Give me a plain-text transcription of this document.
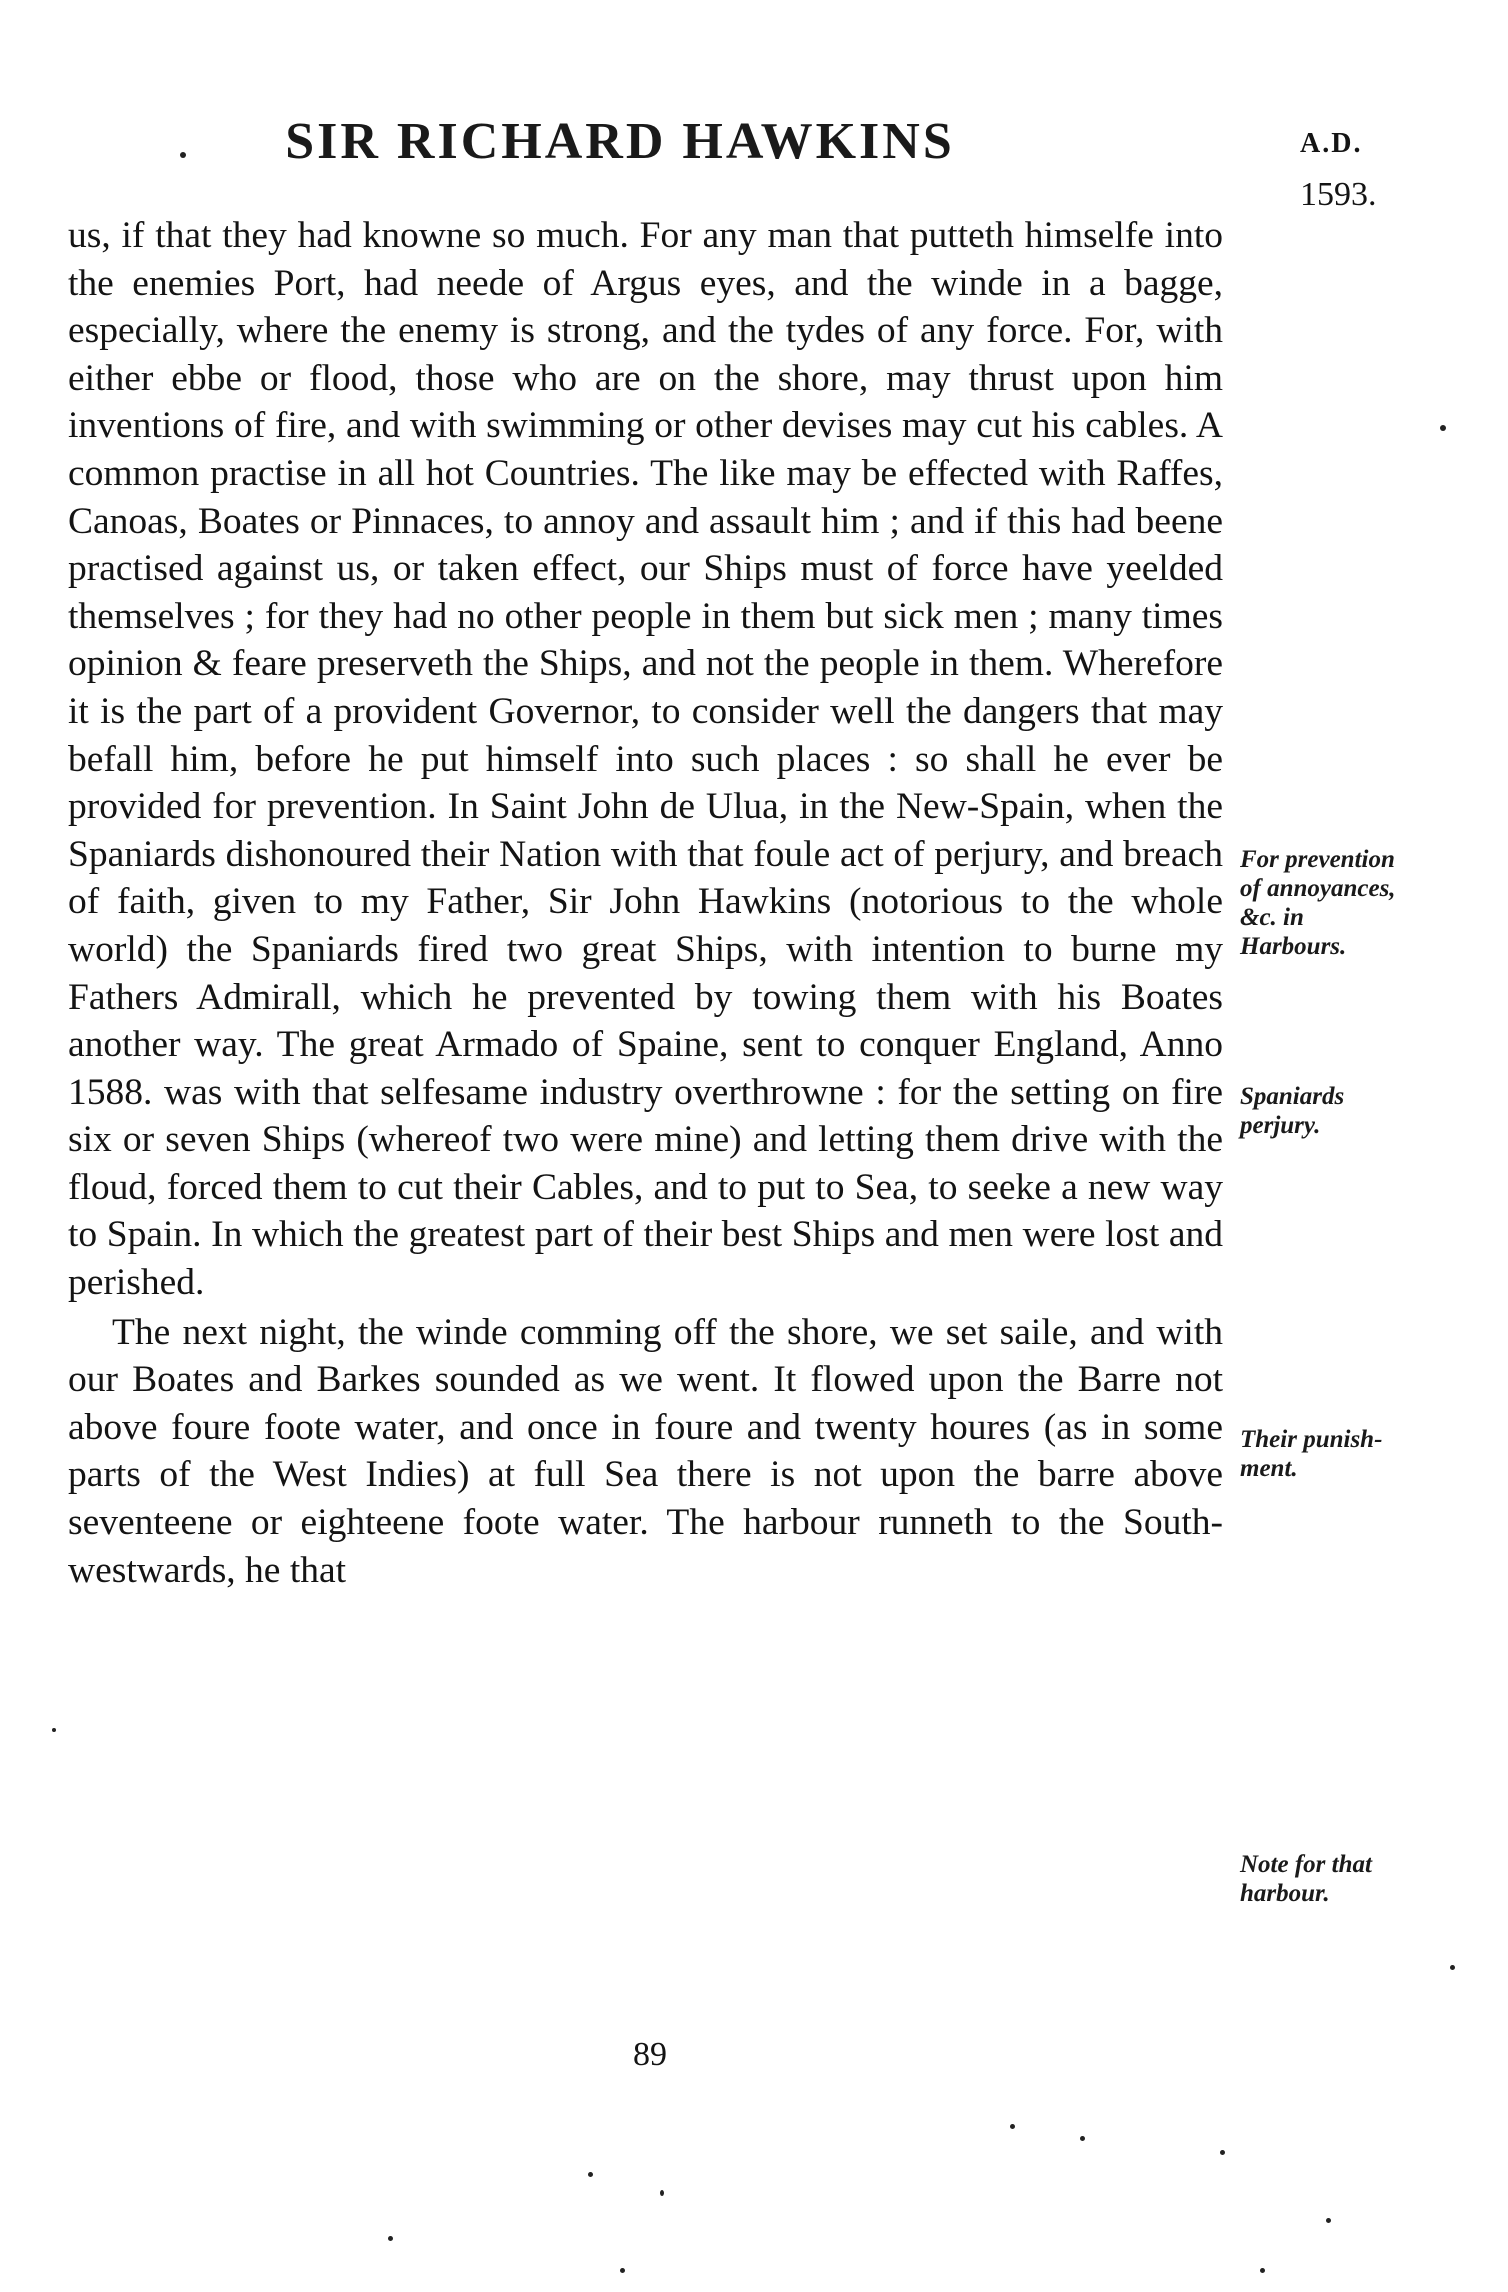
SIR RICHARD HAWKINS	A.D.
1593.

us, if that they had knowne so much. For any man that putteth himselfe into the enemies Port, had neede of Argus eyes, and the winde in a bagge, especially, where the enemy is strong, and the tydes of any force. For, with either ebbe or flood, those who are on the shore, may thrust upon him inventions of fire, and with swimming or other devises may cut his cables. A common practise in all hot Countries. The like may be effected with Raffes, Canoas, Boates or Pinnaces, to annoy and assault him ; and if this had beene practised against us, or taken effect, our Ships must of force have yeelded themselves ; for they had no other people in them but sick men ; many times opinion & feare preserveth the Ships, and not the people in them. Wherefore it is the part of a provident Governor, to consider well the dangers that may befall him, before he put himself into such places : so shall he ever be provided for prevention. In Saint John de Ulua, in the New-Spain, when the Spaniards dishonoured their Nation with that foule act of perjury, and breach of faith, given to my Father, Sir John Hawkins (notorious to the whole world) the Spaniards fired two great Ships, with intention to burne my Fathers Admirall, which he prevented by towing them with his Boates another way. The great Armado of Spaine, sent to conquer England, Anno 1588. was with that selfesame industry overthrowne : for the setting on fire six or seven Ships (whereof two were mine) and letting them drive with the floud, forced them to cut their Cables, and to put to Sea, to seeke a new way to Spain. In which the greatest part of their best Ships and men were lost and perished.

The next night, the winde comming off the shore, we set saile, and with our Boates and Barkes sounded as we went. It flowed upon the Barre not above foure foote water, and once in foure and twenty houres (as in some parts of the West Indies) at full Sea there is not upon the barre above seventeene or eighteene foote water. The harbour runneth to the South-westwards, he that

For prevention
of annoyances,
&c. in
Harbours.
Spaniards
perjury.
Their punish-
ment.
Note for that
harbour.
89
